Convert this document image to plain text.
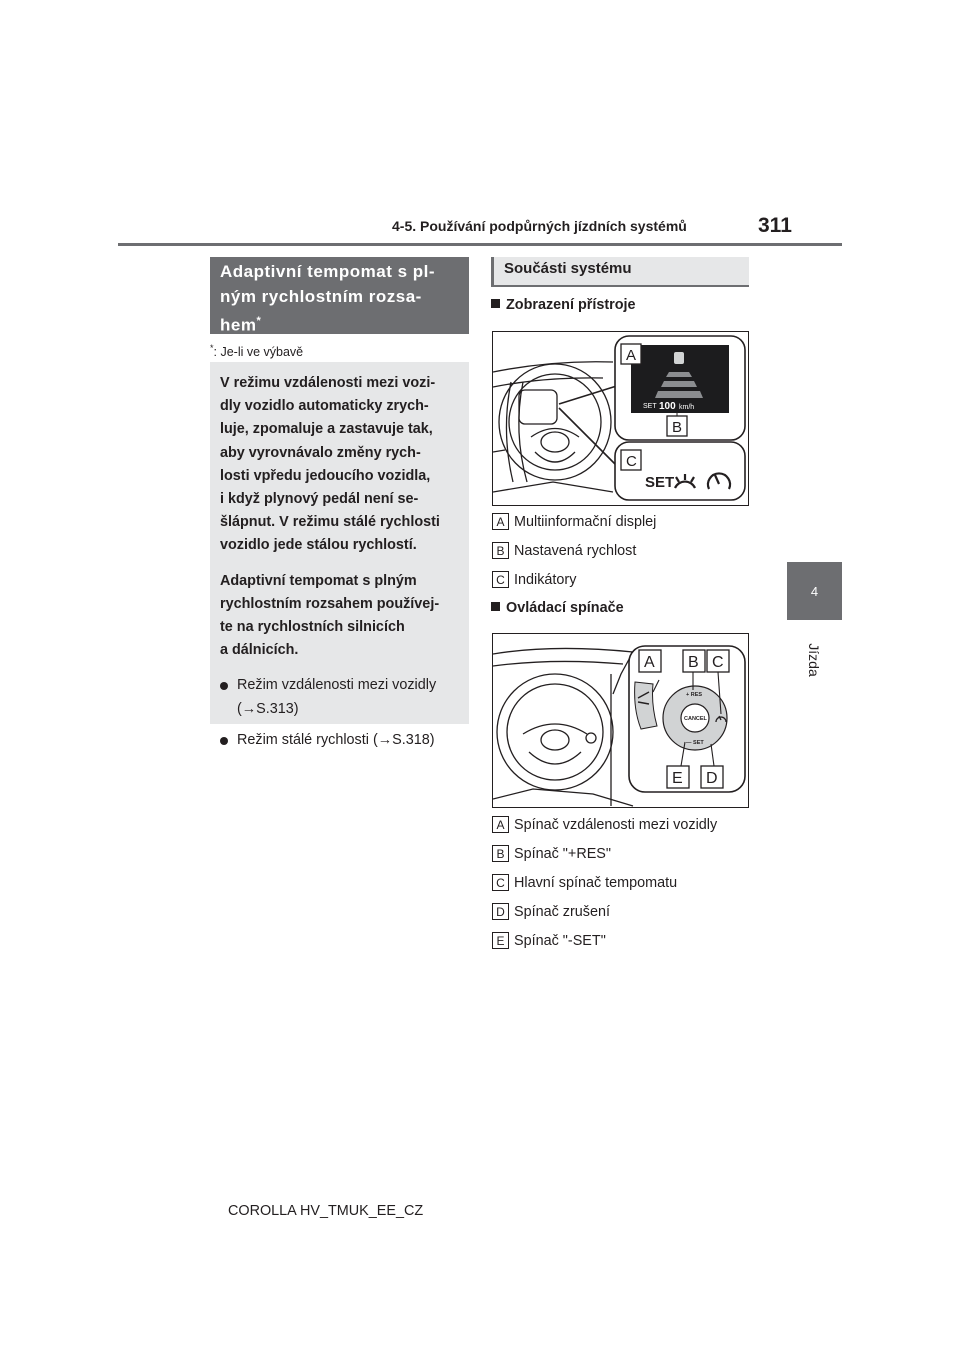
4-5. Používání podpůrných jízdních systémů	311
4
Jízda
Adaptivní tempomat s pl-
ným rychlostním rozsa-
hem*
*: Je-li ve výbavě

V režimu vzdálenosti mezi vozi-
dly vozidlo automaticky zrych-
luje, zpomaluje a zastavuje tak,
aby vyrovnávalo změny rych-
losti vpředu jedoucího vozidla,
i když plynový pedál není se-
šlápnut. V režimu stálé rychlosti
vozidlo jede stálou rychlostí.

Adaptivní tempomat s plným
rychlostním rozsahem používej-
te na rychlostních silnicích
a dálnicích.

Režim vzdálenosti mezi vozidly
(→S.313)
Režim stálé rychlosti (→S.318)
Součásti systému
Zobrazení přístroje
SET 100 km/h
SET
A
B
C
A Multiinformační displej
B Nastavená rychlost
C Indikátory
Ovládací spínače
CANCEL
+ RES
— SET
A B C
E D
A Spínač vzdálenosti mezi vozidly
B Spínač "+RES"
C Hlavní spínač tempomatu
D Spínač zrušení
E Spínač "-SET"
COROLLA HV_TMUK_EE_CZ
